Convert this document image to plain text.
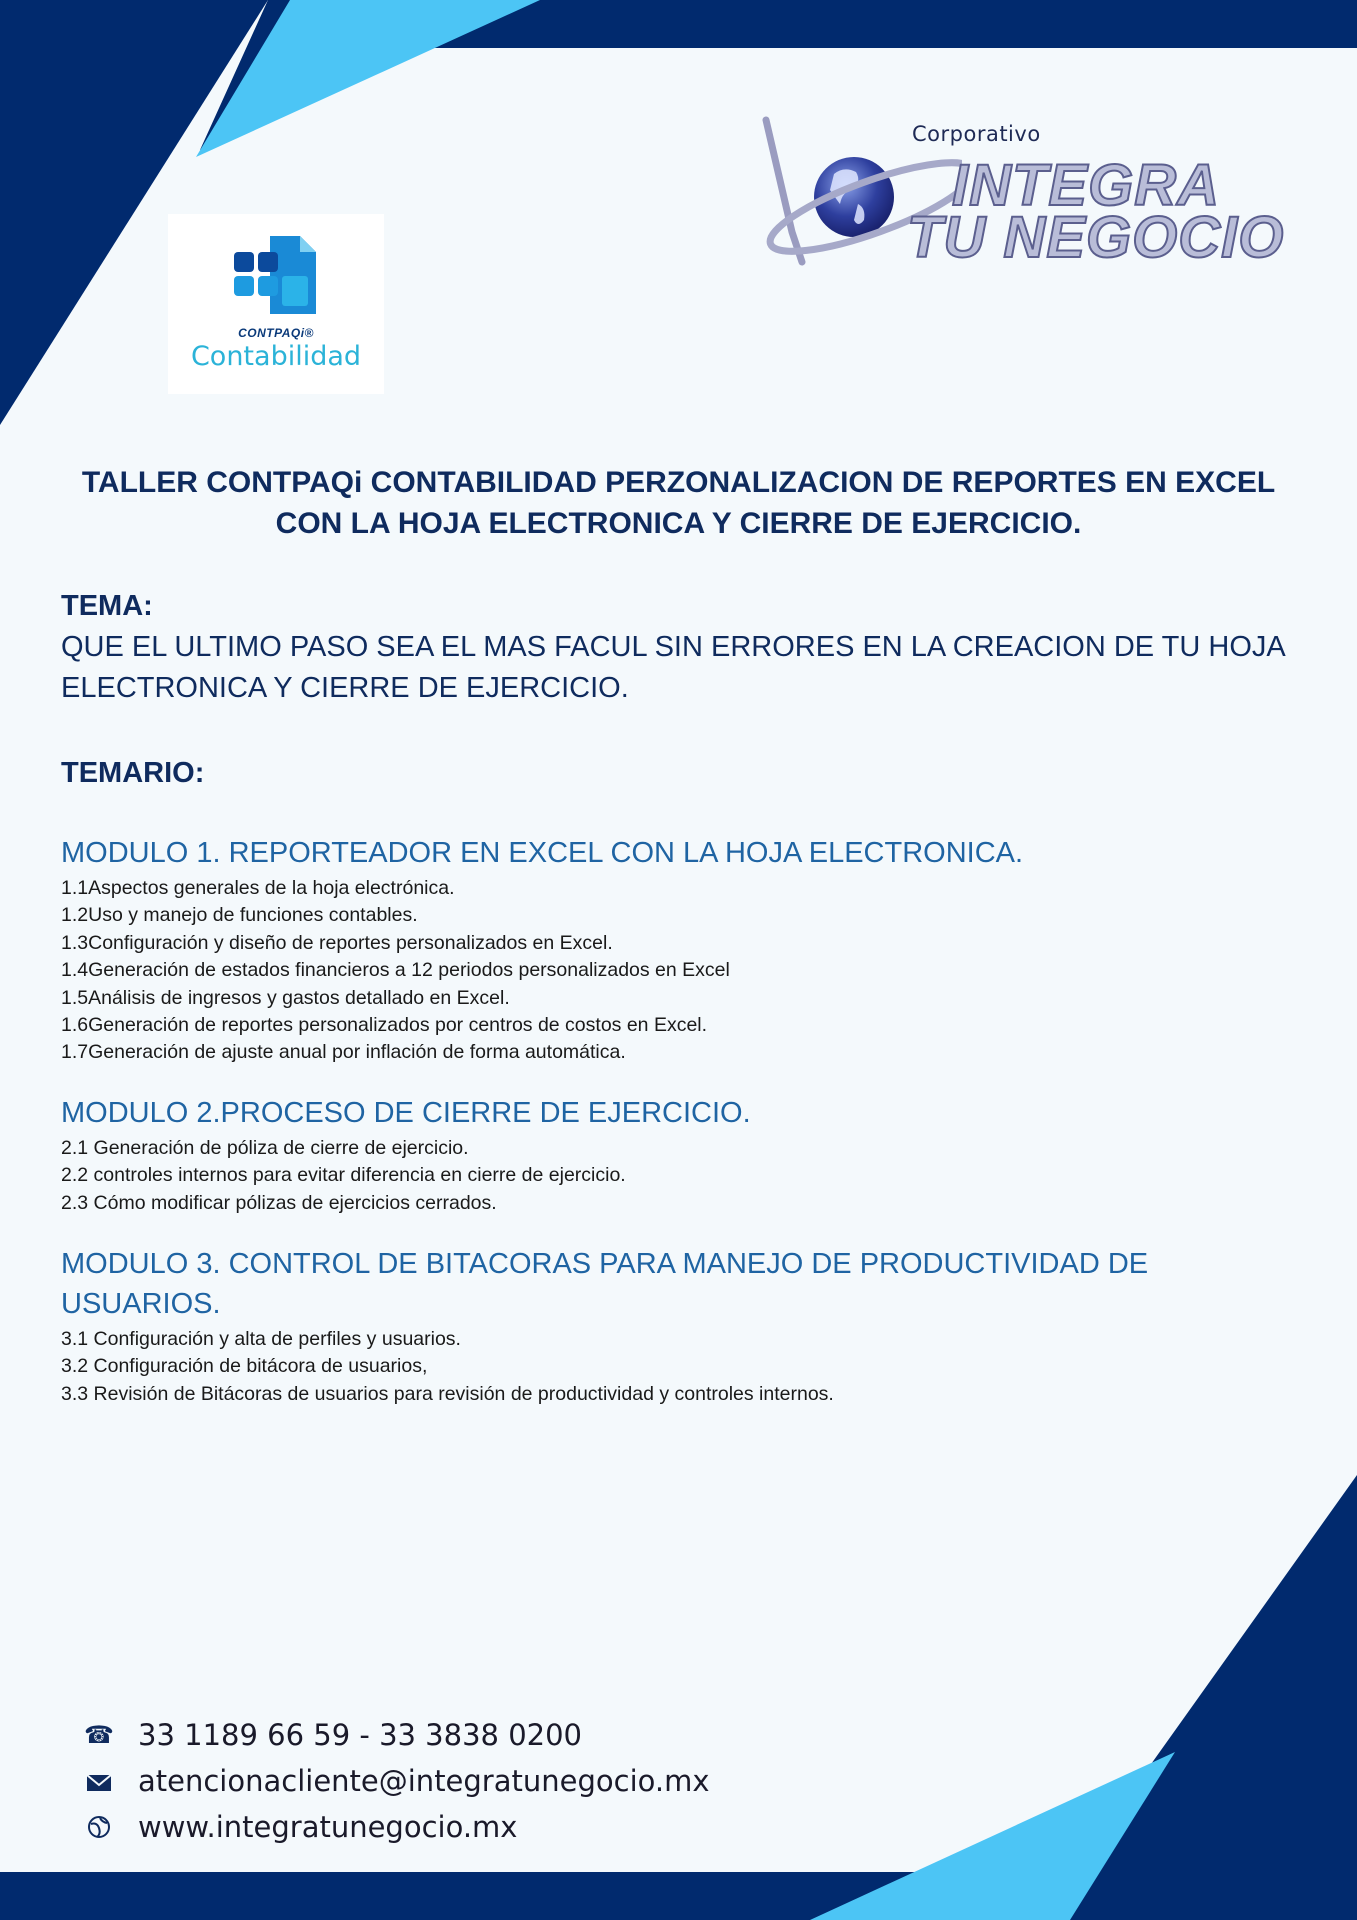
CONTPAQi®
Contabilidad
Corporativo
INTEGRA
TU NEGOCIO
TALLER CONTPAQi CONTABILIDAD PERZONALIZACION DE REPORTES EN EXCEL CON LA HOJA ELECTRONICA Y CIERRE DE EJERCICIO.
TEMA:

QUE EL ULTIMO PASO SEA EL MAS FACUL SIN ERRORES EN LA CREACION DE TU HOJA ELECTRONICA Y CIERRE DE EJERCICIO.

TEMARIO:
MODULO 1. REPORTEADOR EN EXCEL CON LA HOJA ELECTRONICA.
1.1Aspectos generales de la hoja electrónica.
1.2Uso y manejo de funciones contables.
1.3Configuración y diseño de reportes personalizados en Excel.
1.4Generación de estados financieros a 12 periodos personalizados en Excel
1.5Análisis de ingresos y gastos detallado en Excel.
1.6Generación de reportes personalizados por centros de costos en Excel.
1.7Generación de ajuste anual por inflación de forma automática.
MODULO 2.PROCESO DE CIERRE DE EJERCICIO.
2.1 Generación de póliza de cierre de ejercicio.
2.2 controles internos para evitar diferencia en cierre de ejercicio.
2.3 Cómo modificar pólizas de ejercicios cerrados.
MODULO 3. CONTROL DE BITACORAS PARA MANEJO DE PRODUCTIVIDAD DE USUARIOS.
3.1 Configuración y alta de perfiles y usuarios.
3.2 Configuración de bitácora de usuarios,
3.3 Revisión de Bitácoras de usuarios para revisión de productividad y controles internos.
☎ 33 1189 66 59 - 33 3838 0200
atencionacliente@integratunegocio.mx
www.integratunegocio.mx
